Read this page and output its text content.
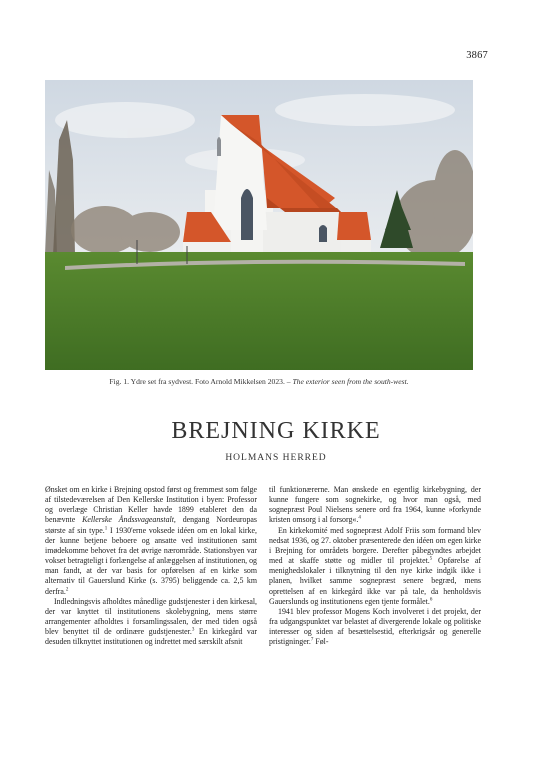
3867
Fig. 1. Ydre set fra sydvest. Foto Arnold Mikkelsen 2023. – The exterior seen from the south-west.
BREJNING KIRKE
HOLMANS HERRED

Ønsket om en kirke i Brejning opstod først og fremmest som følge af tilstedeværelsen af Den Kellerske Institution i byen: Professor og overlæge Christian Keller havde 1899 etableret den da benævnte Kellerske Åndssvageanstalt, dengang Nordeuropas største af sin type.$^1$ I 1930'erne voksede idéen om en lokal kirke, der kunne betjene beboere og ansatte ved institutionen samt imødekomme behovet fra det øvrige nærområde. Stationsbyen var vokset betragteligt i forlængelse af anlæggelsen af institutionen, og man fandt, at der var basis for opførelsen af en kirke som alternativ til Gauerslund Kirke (s. 3795) beliggende ca. 2,5 km derfra.$^2$

Indledningsvis afholdtes månedlige gudstjenester i den kirkesal, der var knyttet til institutionens skolebygning, mens større arrangementer afholdtes i forsamlingssalen, der med tiden også blev benyttet til de ordinære gudstjenester.$^3$ En kirkegård var desuden tilknyttet institutionen og indrettet med særskilt afsnit

til funktionærerne. Man ønskede en egentlig kirkebygning, der kunne fungere som sognekirke, og hvor man også, med sognepræst Poul Nielsens senere ord fra 1964, kunne »forkynde kristen omsorg i al forsorg«.$^4$

En kirkekomité med sognepræst Adolf Friis som formand blev nedsat 1936, og 27. oktober præsenterede den idéen om egen kirke i Brejning for områdets borgere. Derefter påbegyndtes arbejdet med at skaffe støtte og midler til projektet.$^5$ Opførelse af menighedslokaler i tilknytning til den nye kirke indgik ikke i planen, hvilket samme sognepræst senere begræd, mens oprettelsen af en kirkegård ikke var på tale, da henholdsvis Gauerslunds og institutionens egen tjente formålet.$^6$

1941 blev professor Mogens Koch involveret i det projekt, der fra udgangspunktet var belastet af divergerende lokale og politiske interesser og siden af besættelsestid, efterkrigsår og generelle pristigninger.$^7$ Føl-
